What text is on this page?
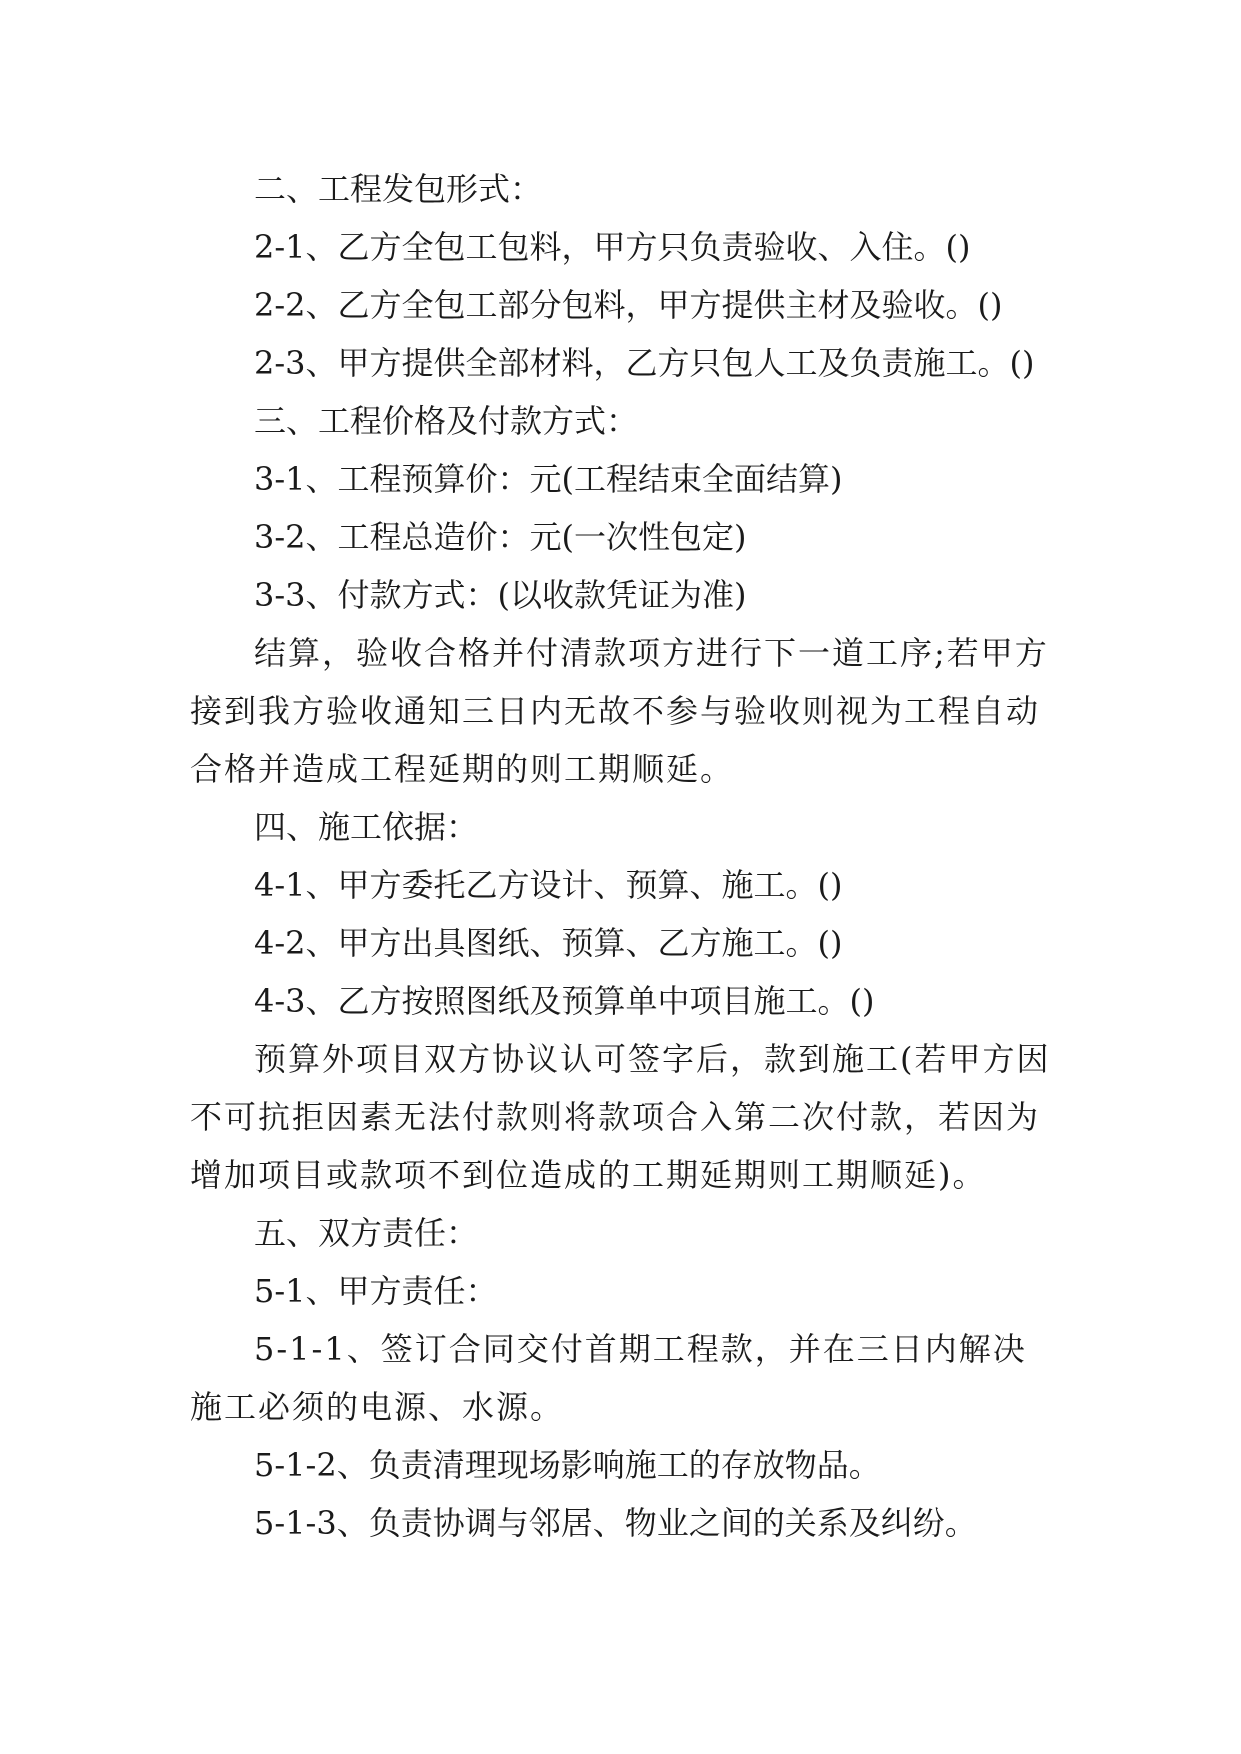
二、工程发包形式：

2-1、乙方全包工包料，甲方只负责验收、入住。()

2-2、乙方全包工部分包料，甲方提供主材及验收。()

2-3、甲方提供全部材料，乙方只包人工及负责施工。()

三、工程价格及付款方式：

3-1、工程预算价：元(工程结束全面结算)

3-2、工程总造价：元(一次性包定)

3-3、付款方式：(以收款凭证为准)

结算，验收合格并付清款项方进行下一道工序;若甲方接到我方验收通知三日内无故不参与验收则视为工程自动合格并造成工程延期的则工期顺延。

四、施工依据：

4-1、甲方委托乙方设计、预算、施工。()

4-2、甲方出具图纸、预算、乙方施工。()

4-3、乙方按照图纸及预算单中项目施工。()

预算外项目双方协议认可签字后，款到施工(若甲方因不可抗拒因素无法付款则将款项合入第二次付款，若因为增加项目或款项不到位造成的工期延期则工期顺延)。

五、双方责任：

5-1、甲方责任：

5-1-1、签订合同交付首期工程款，并在三日内解决施工必须的电源、水源。

5-1-2、负责清理现场影响施工的存放物品。

5-1-3、负责协调与邻居、物业之间的关系及纠纷。
